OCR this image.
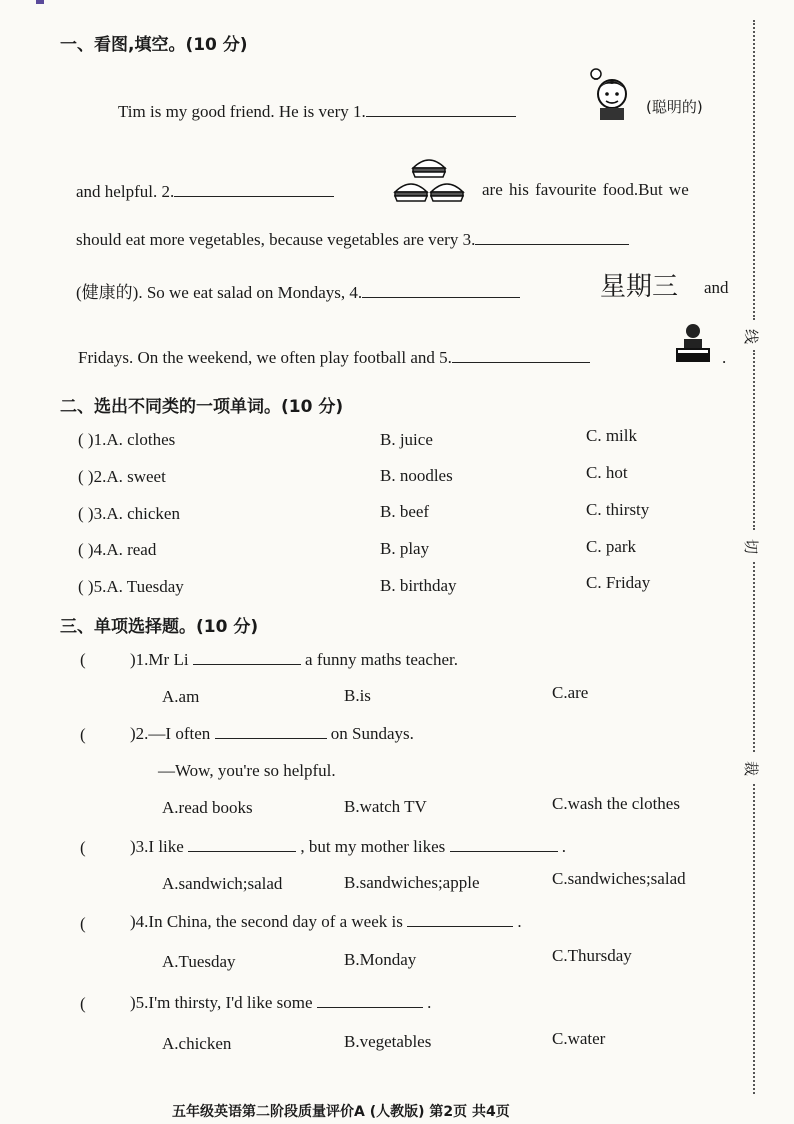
一、看图,填空。(10 分)
Tim is my good friend. He is very 1.	(聪明的)
and helpful. 2.	are his favourite food.But we
should eat more vegetables, because vegetables are very 3.
(健康的). So we eat salad on Mondays, 4.	星期三 and
Fridays. On the weekend, we often play football and 5.	.
二、选出不同类的一项单词。(10 分)
( )1.A. clothes	B. juice	C. milk
( )2.A. sweet	B. noodles	C. hot
( )3.A. chicken	B. beef	C. thirsty
( )4.A. read	B. play	C. park
( )5.A. Tuesday	B. birthday	C. Friday
三、单项选择题。(10 分)
(	)1.Mr Li	a funny maths teacher.
A.am	B.is	C.are
(	)2.—I often	on Sundays.
—Wow, you're so helpful.
A.read books	B.watch TV	C.wash the clothes
(	)3.I like	, but my mother likes	.
A.sandwich;salad	B.sandwiches;apple	C.sandwiches;salad
(	)4.In China, the second day of a week is	.
A.Tuesday	B.Monday	C.Thursday
(	)5.I'm thirsty, I'd like some	.
A.chicken	B.vegetables	C.water
线
切
裁
五年级英语第二阶段质量评价A (人教版) 第2页 共4页
